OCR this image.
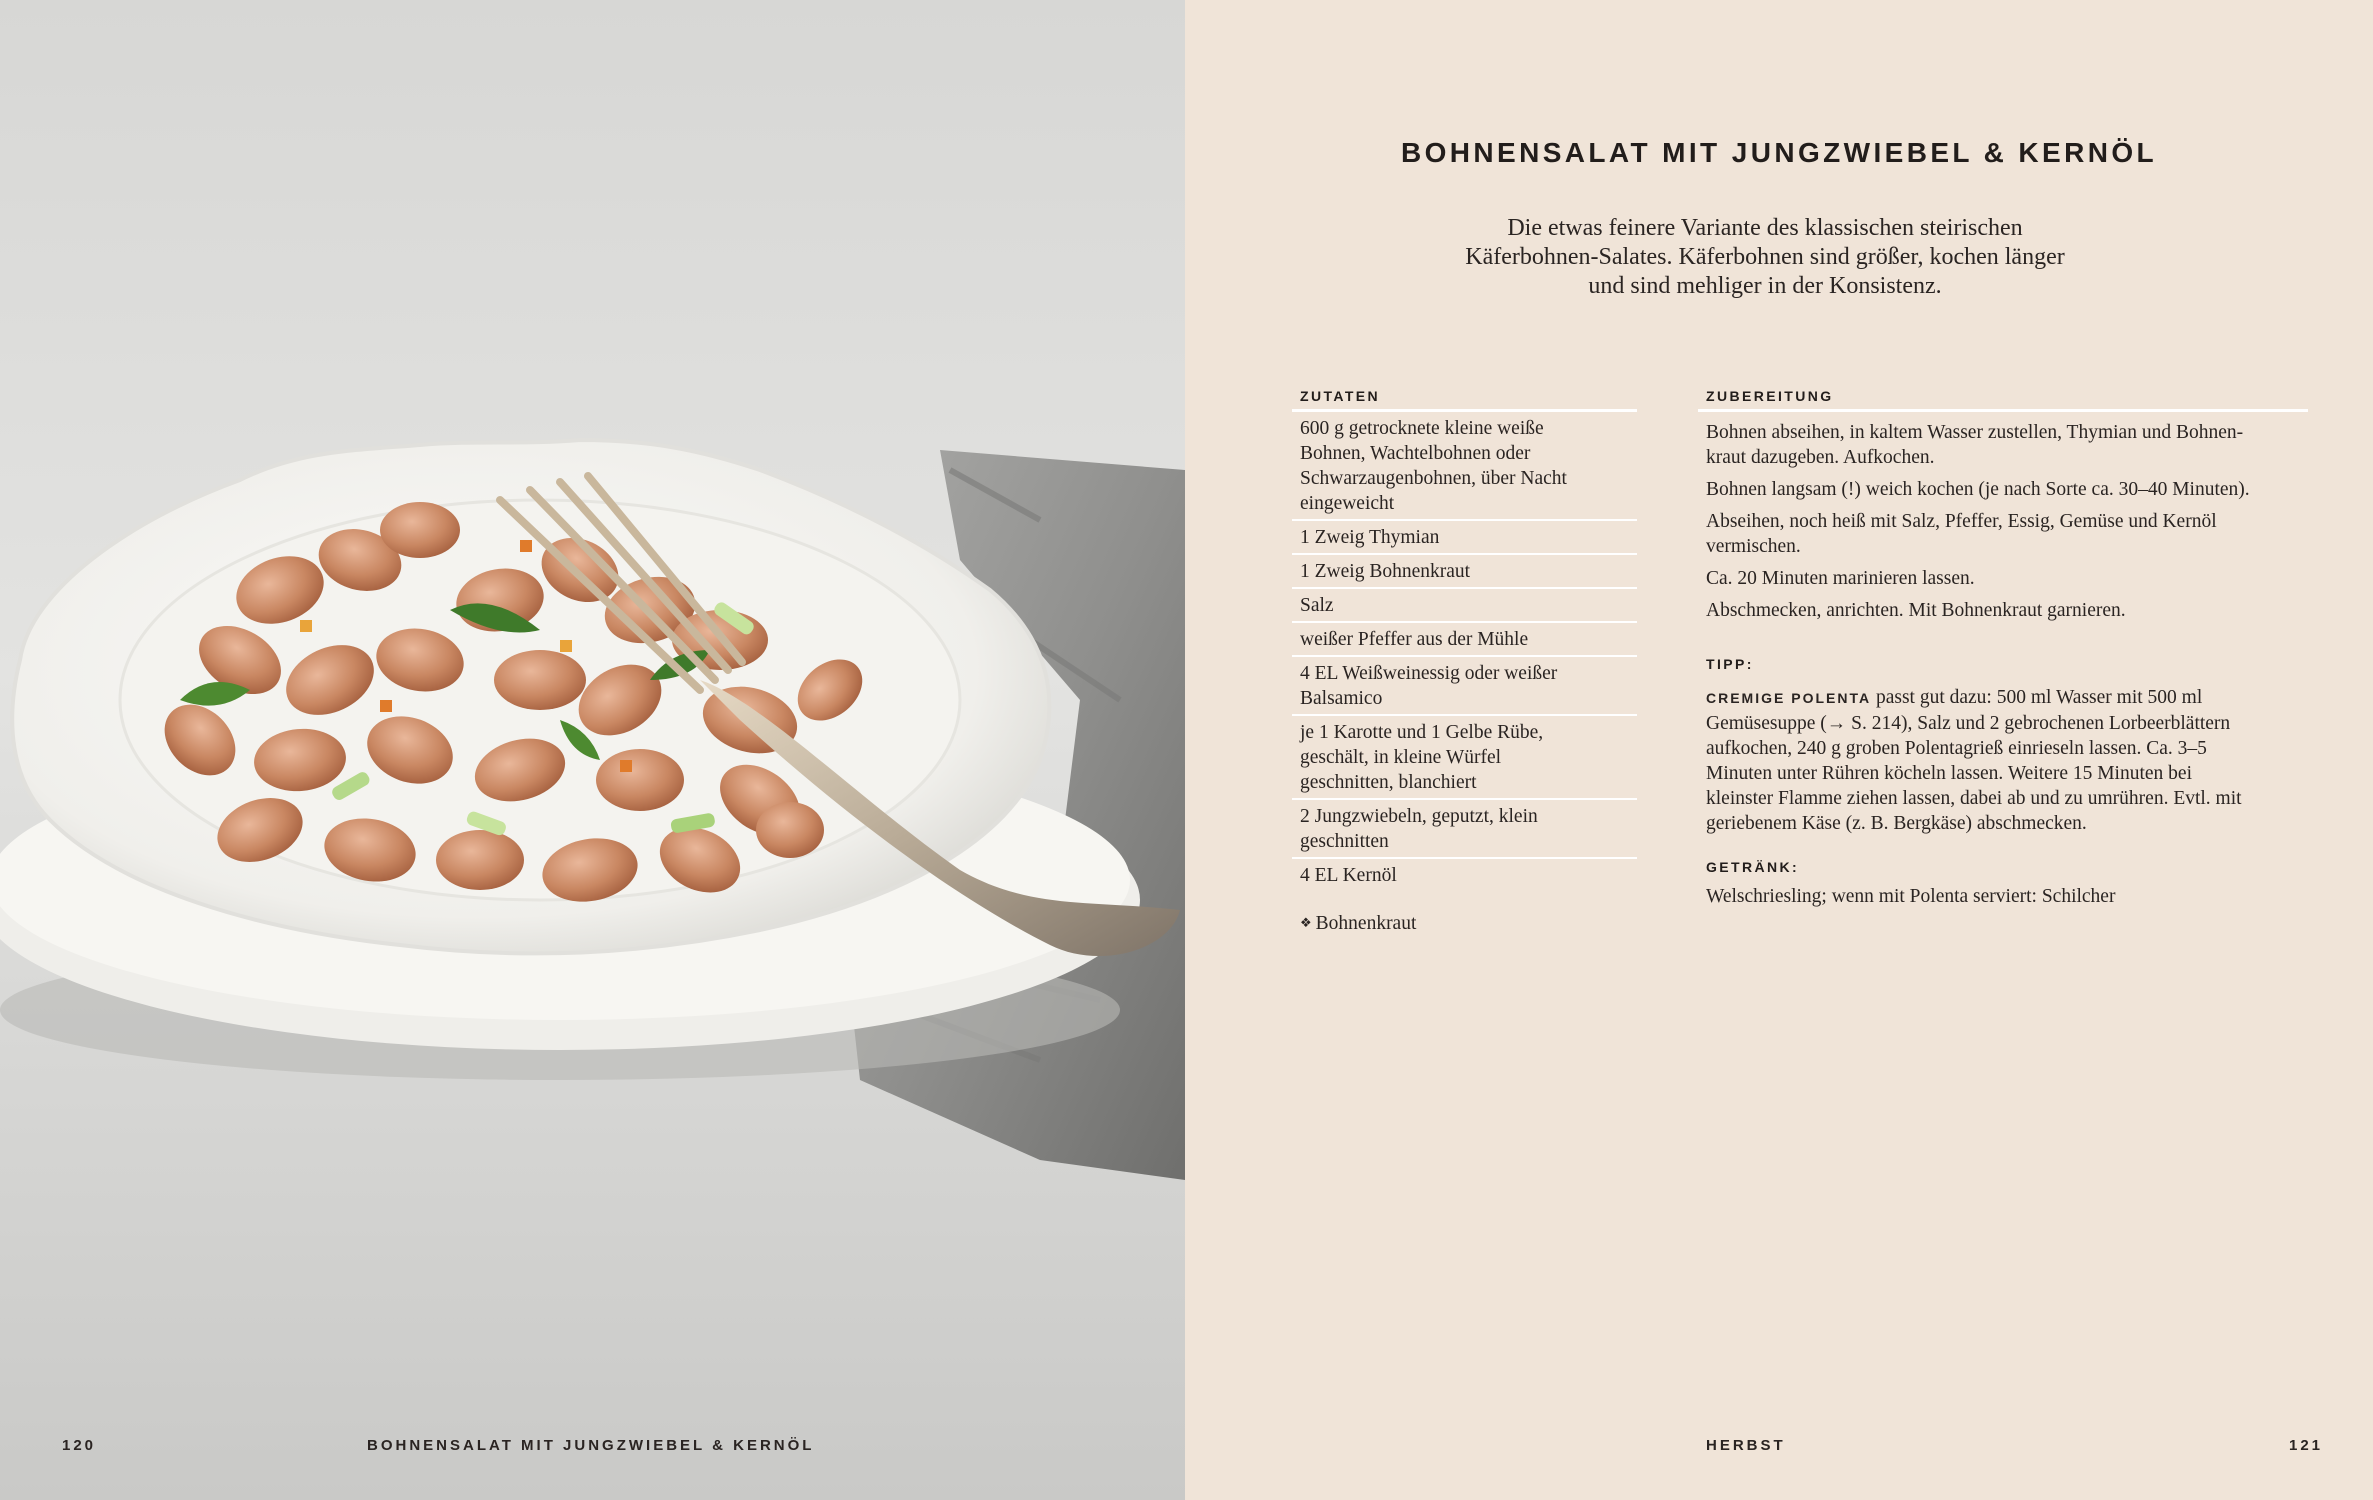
120	BOHNENSALAT MIT JUNGZWIEBEL & KERNÖL
BOHNENSALAT MIT JUNGZWIEBEL & KERNÖL
Die etwas feinere Variante des klassischen steirischen
Käferbohnen-Salates. Käferbohnen sind größer, kochen länger
und sind mehliger in der Konsistenz.
ZUTATEN
600 g getrocknete kleine weiße
Bohnen, Wachtelbohnen oder
Schwarzaugenbohnen, über Nacht
eingeweicht
1 Zweig Thymian
1 Zweig Bohnenkraut
Salz
weißer Pfeffer aus der Mühle
4 EL Weißweinessig oder weißer
Balsamico
je 1 Karotte und 1 Gelbe Rübe,
geschält, in kleine Würfel
geschnitten, blanchiert
2 Jungzwiebeln, geputzt, klein
geschnitten
4 EL Kernöl
❖ Bohnenkraut
ZUBEREITUNG
Bohnen abseihen, in kaltem Wasser zustellen, Thymian und Bohnen-
kraut dazugeben. Aufkochen.
Bohnen langsam (!) weich kochen (je nach Sorte ca. 30–40 Minuten).
Abseihen, noch heiß mit Salz, Pfeffer, Essig, Gemüse und Kernöl
vermischen.
Ca. 20 Minuten marinieren lassen.
Abschmecken, anrichten. Mit Bohnenkraut garnieren.
TIPP:
CREMIGE POLENTA passt gut dazu: 500 ml Wasser mit 500 ml
Gemüsesuppe (→ S. 214), Salz und 2 gebrochenen Lorbeerblättern
aufkochen, 240 g groben Polentagrieß einrieseln lassen. Ca. 3–5
Minuten unter Rühren köcheln lassen. Weitere 15 Minuten bei
kleinster Flamme ziehen lassen, dabei ab und zu umrühren. Evtl. mit
geriebenem Käse (z. B. Bergkäse) abschmecken.
GETRÄNK:
Welschriesling; wenn mit Polenta serviert: Schilcher
HERBST	121
